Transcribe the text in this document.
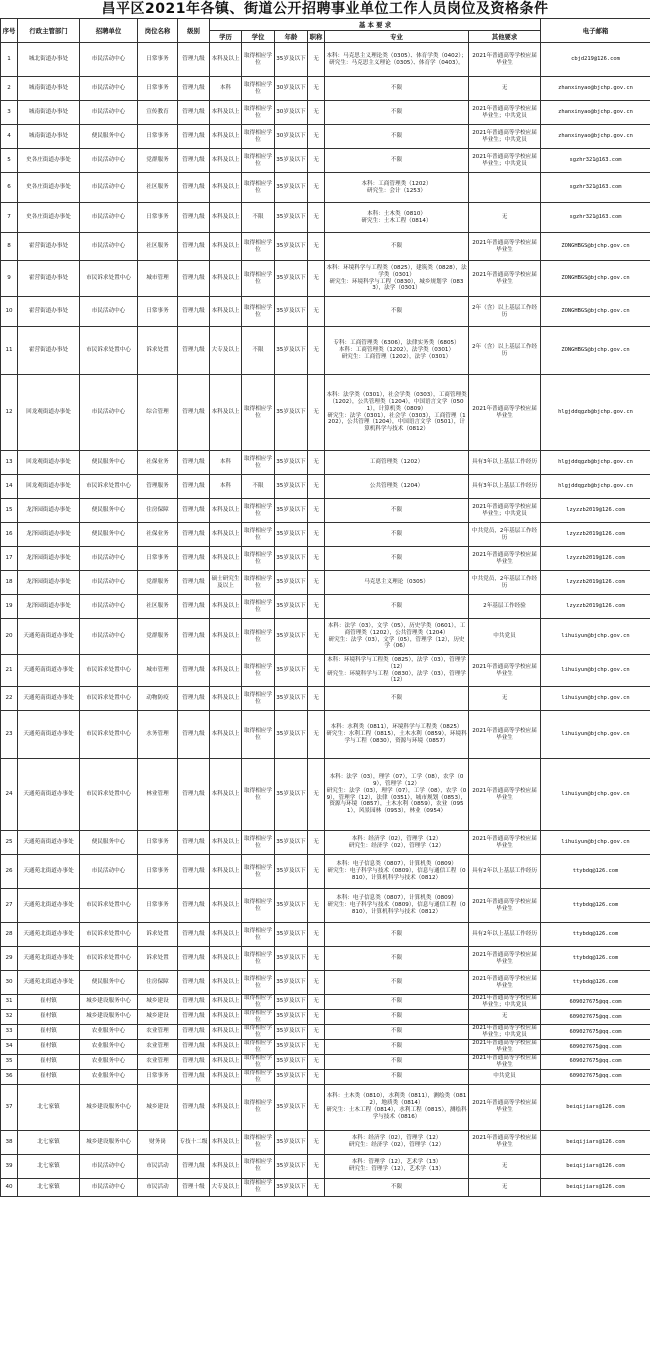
昌平区2021年各镇、街道公开招聘事业单位工作人员岗位及资格条件
序号	行政主管部门	招聘单位	岗位名称	级别	基 本 要 求						电子邮箱
					学历	学位	年龄	职称	专业	其他要求	
1	城北街道办事处	市民活动中心	日常事务	管理九级	本科及以上	取得相应学位	35岁及以下	无	本科：马克思主义理论类（0305）、体育学类（0402）；
研究生：马克思主义理论（0305）、体育学（0403）。	2021年普通高等学校应届毕业生	cbjd219@126.com
2	城南街道办事处	市民活动中心	日常事务	管理九级	本科	取得相应学位	30岁及以下	无	不限	无	zhanxinyao@bjchp.gov.cn
3	城南街道办事处	市民活动中心	宣传教育	管理九级	本科及以上	取得相应学位	30岁及以下	无	不限	2021年普通高等学校应届毕业生；中共党员	zhanxinyao@bjchp.gov.cn
4	城南街道办事处	便民服务中心	日常事务	管理九级	本科及以上	取得相应学位	30岁及以下	无	不限	2021年普通高等学校应届毕业生；中共党员	zhanxinyao@bjchp.gov.cn
5	史各庄街道办事处	市民活动中心	党群服务	管理九级	本科及以上	取得相应学位	35岁及以下	无	不限	2021年普通高等学校应届毕业生；中共党员	sgzhr321@163.com
6	史各庄街道办事处	市民活动中心	社区服务	管理九级	本科及以上	取得相应学位	35岁及以下	无	本科：工商管理类（1202）
研究生：会计（1253）		sgzhr321@163.com
7	史各庄街道办事处	市民活动中心	日常事务	管理九级	本科及以上	不限	35岁及以下	无	本科：土木类（0810）
研究生：土木工程（0814）	无	sgzhr321@163.com
8	霍营街道办事处	市民活动中心	社区服务	管理九级	本科及以上	取得相应学位	35岁及以下	无	不限	2021年普通高等学校应届毕业生	ZONGHBGS@bjchp.gov.cn
9	霍营街道办事处	市民诉求处置中心	城市管理	管理九级	本科及以上	取得相应学位	35岁及以下	无	本科：环境科学与工程类（0825），建筑类（0828），法学类（0301）
研究生：环境科学与工程（0830），城乡规划学（0833），法学（0301）	2021年普通高等学校应届毕业生	ZONGHBGS@bjchp.gov.cn
10	霍营街道办事处	市民活动中心	日常事务	管理九级	本科及以上	取得相应学位	35岁及以下	无	不限	2年（含）以上基层工作经历	ZONGHBGS@bjchp.gov.cn
11	霍营街道办事处	市民诉求处置中心	诉求处置	管理九级	大专及以上	不限	35岁及以下	无	专科：工商管理类（6306），法律实务类（6805）
本科：工商管理类（1202），法学类（0301）
研究生：工商管理（1202），法学（0301）	2年（含）以上基层工作经历	ZONGHBGS@bjchp.gov.cn
12	回龙观街道办事处	市民活动中心	综合管理	管理九级	本科及以上	取得相应学位	35岁及以下	无	本科：法学类（0301），社会学类（0303），工商管理类（1202），公共管理类（1204），中国语言文学（0501），计算机类（0809）
研究生：法学（0301），社会学（0303），工商管理（1202），公共管理（1204），中国语言文学（0501），计算机科学与技术（0812）	2021年普通高等学校应届毕业生	hlgjddqgzb@bjchp.gov.cn
13	回龙观街道办事处	便民服务中心	社保业务	管理九级	本科	取得相应学位	35岁及以下	无	工商管理类（1202）	具有3年以上基层工作经历	hlgjddqgzb@bjchp.gov.cn
14	回龙观街道办事处	市民诉求处置中心	管理服务	管理九级	本科	不限	35岁及以下	无	公共管理类（1204）	具有3年以上基层工作经历	hlgjddqgzb@bjchp.gov.cn
15	龙泽园街道办事处	便民服务中心	住房保障	管理九级	本科及以上	取得相应学位	35岁及以下	无	不限	2021年普通高等学校应届毕业生；中共党员	lzyzzb2019@126.com
16	龙泽园街道办事处	便民服务中心	社保业务	管理九级	本科及以上	取得相应学位	35岁及以下	无	不限	中共党员，2年基层工作经历	lzyzzb2019@126.com
17	龙泽园街道办事处	市民活动中心	日常事务	管理九级	本科及以上	取得相应学位	35岁及以下	无	不限	2021年普通高等学校应届毕业生	lzyzzb2019@126.com
18	龙泽园街道办事处	市民活动中心	党群服务	管理九级	硕士研究生及以上	取得相应学位	35岁及以下	无	马克思主义理论（0305）	中共党员，2年基层工作经历	lzyzzb2019@126.com
19	龙泽园街道办事处	市民活动中心	社区服务	管理九级	本科及以上	取得相应学位	35岁及以下	无	不限	2年基层工作经验	lzyzzb2019@126.com
20	天通苑南街道办事处	市民活动中心	党群服务	管理九级	本科及以上	取得相应学位	35岁及以下	无	本科：法学（03），文学（05），历史学类（0601），工商管理类（1202），公共管理类（1204）
研究生：法学（03），文学（05），管理学（12），历史学（06）	中共党员	lihuiyun@bjchp.gov.cn
21	天通苑南街道办事处	市民诉求处置中心	城市管理	管理九级	本科及以上	取得相应学位	35岁及以下	无	本科：环境科学与工程类（0825），法学（03），管理学（12）
研究生：环境科学与工程（0830），法学（03），管理学（12）	2021年普通高等学校应届毕业生	lihuiyun@bjchp.gov.cn
22	天通苑南街道办事处	市民诉求处置中心	动物防疫	管理九级	本科及以上	取得相应学位	35岁及以下	无	不限	无	lihuiyun@bjchp.gov.cn
23	天通苑南街道办事处	市民诉求处置中心	水务管理	管理九级	本科及以上	取得相应学位	35岁及以下	无	本科：水利类（0811），环境科学与工程类（0825）
研究生：水利工程（0815），土木水利（0859），环境科学与工程（0830），资源与环境（0857）	2021年普通高等学校应届毕业生	lihuiyun@bjchp.gov.cn
24	天通苑南街道办事处	市民诉求处置中心	林业管理	管理九级	本科及以上	取得相应学位	35岁及以下	无	本科：法学（03），理学（07），工学（08），农学（09），管理学（12）
研究生：法学（03），理学（07），工学（08），农学（09），管理学（12），法律（0351），城市规划（0853），资源与环境（0857），土木水利（0859），农业（0951），风景园林（0953），林业（0954）	2021年普通高等学校应届毕业生	lihuiyun@bjchp.gov.cn
25	天通苑南街道办事处	便民服务中心	日常事务	管理九级	本科及以上	取得相应学位	35岁及以下	无	本科：经济学（02），管理学（12）
研究生：经济学（02），管理学（12）	2021年普通高等学校应届毕业生	lihuiyun@bjchp.gov.cn
26	天通苑北街道办事处	市民活动中心	日常事务	管理九级	本科及以上	取得相应学位	35岁及以下	无	本科：电子信息类（0807），计算机类（0809）
研究生：电子科学与技术（0809），信息与通信工程（0810），计算机科学与技术（0812）	具有2年以上基层工作经历	ttybdq@126.com
27	天通苑北街道办事处	市民诉求处置中心	日常事务	管理九级	本科及以上	取得相应学位	35岁及以下	无	本科：电子信息类（0807），计算机类（0809）
研究生：电子科学与技术（0809），信息与通信工程（0810），计算机科学与技术（0812）	2021年普通高等学校应届毕业生	ttybdq@126.com
28	天通苑北街道办事处	市民诉求处置中心	诉求处置	管理九级	本科及以上	取得相应学位	35岁及以下	无	不限	具有2年以上基层工作经历	ttybdq@126.com
29	天通苑北街道办事处	市民诉求处置中心	诉求处置	管理九级	本科及以上	取得相应学位	35岁及以下	无	不限	2021年普通高等学校应届毕业生	ttybdq@126.com
30	天通苑北街道办事处	便民服务中心	住房保障	管理九级	本科及以上	取得相应学位	35岁及以下	无	不限	2021年普通高等学校应届毕业生	ttybdq@126.com
31	崔村镇	城乡建设服务中心	城乡建设	管理九级	本科及以上	取得相应学位	35岁及以下	无	不限	2021年普通高等学校应届毕业生；中共党员	609027675@qq.com
32	崔村镇	城乡建设服务中心	城乡建设	管理九级	本科及以上	取得相应学位	35岁及以下	无	不限	无	609027675@qq.com
33	崔村镇	农业服务中心	农业管理	管理九级	本科及以上	取得相应学位	35岁及以下	无	不限	2021年普通高等学校应届毕业生；中共党员	609027675@qq.com
34	崔村镇	农业服务中心	农业管理	管理九级	本科及以上	取得相应学位	35岁及以下	无	不限	2021年普通高等学校应届毕业生	609027675@qq.com
35	崔村镇	农业服务中心	农业管理	管理九级	本科及以上	取得相应学位	35岁及以下	无	不限	2021年普通高等学校应届毕业生	609027675@qq.com
36	崔村镇	农业服务中心	日常事务	管理九级	本科及以上	取得相应学位	35岁及以下	无	不限	中共党员	609027675@qq.com
37	北七家镇	城乡建设服务中心	城乡建设	管理九级	本科及以上	取得相应学位	35岁及以下	无	本科：土木类（0810），水利类（0811），测绘类（0812），地质类（0814）
研究生：土木工程（0814），水利工程（0815），测绘科学与技术（0816）	2021年普通高等学校应届毕业生	beiqijiars@126.com
38	北七家镇	城乡建设服务中心	财务岗	专技十二级	本科及以上	取得相应学位	35岁及以下	无	本科：经济学（02），管理学（12）
研究生：经济学（02），管理学（12）	2021年普通高等学校应届毕业生	beiqijiars@126.com
39	北七家镇	市民活动中心	市民活动	管理九级	本科及以上	取得相应学位	35岁及以下	无	本科：管理学（12），艺术学（13）
研究生：管理学（12），艺术学（13）	无	beiqijiars@126.com
40	北七家镇	市民活动中心	市民活动	管理十级	大专及以上	取得相应学位	35岁及以下	无	不限	无	beiqijiars@126.com
